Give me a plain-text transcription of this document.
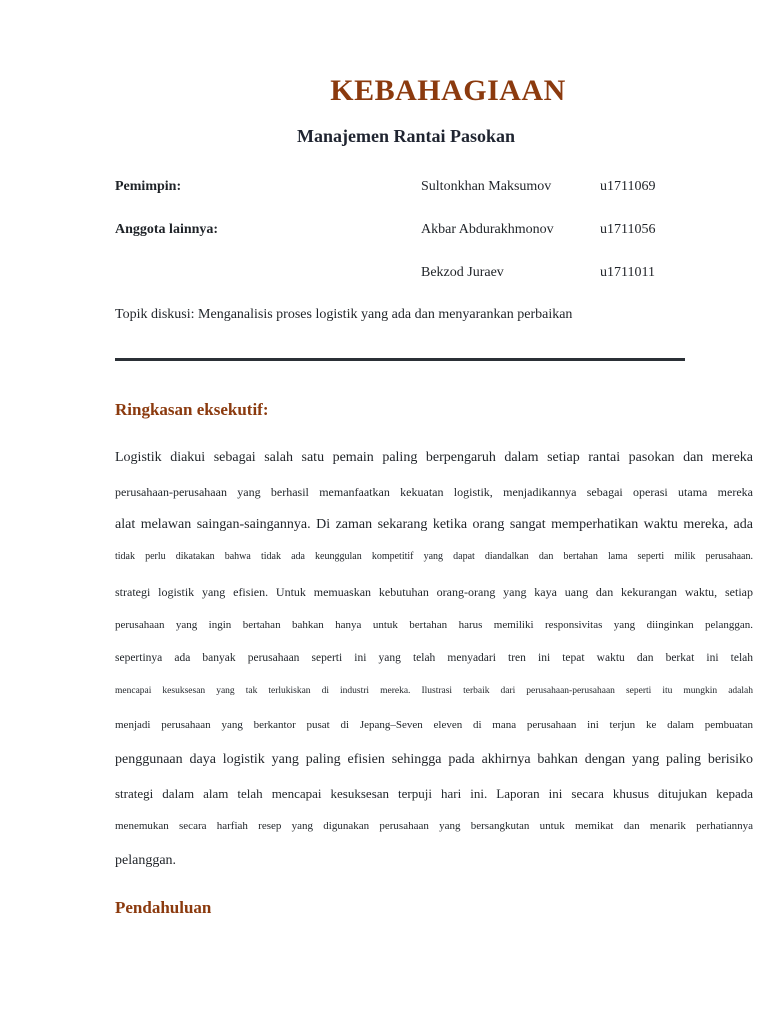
KEBAHAGIAAN
Manajemen Rantai Pasokan
Pemimpin:	Sultonkhan Maksumov	u1711069
Anggota lainnya:	Akbar Abdurakhmonov	u1711056
Bekzod Juraev	u1711011
Topik diskusi: Menganalisis proses logistik yang ada dan menyarankan perbaikan
Ringkasan eksekutif:
Logistik diakui sebagai salah satu pemain paling berpengaruh dalam setiap rantai pasokan dan mereka
perusahaan-perusahaan yang berhasil memanfaatkan kekuatan logistik, menjadikannya sebagai operasi utama mereka
alat melawan saingan-saingannya. Di zaman sekarang ketika orang sangat memperhatikan waktu mereka, ada
tidak perlu dikatakan bahwa tidak ada keunggulan kompetitif yang dapat diandalkan dan bertahan lama seperti milik perusahaan.
strategi logistik yang efisien. Untuk memuaskan kebutuhan orang-orang yang kaya uang dan kekurangan waktu, setiap
perusahaan yang ingin bertahan bahkan hanya untuk bertahan harus memiliki responsivitas yang diinginkan pelanggan.
sepertinya ada banyak perusahaan seperti ini yang telah menyadari tren ini tepat waktu dan berkat ini telah
mencapai kesuksesan yang tak terlukiskan di industri mereka. Ilustrasi terbaik dari perusahaan-perusahaan seperti itu mungkin adalah
menjadi perusahaan yang berkantor pusat di Jepang–Seven eleven di mana perusahaan ini terjun ke dalam pembuatan
penggunaan daya logistik yang paling efisien sehingga pada akhirnya bahkan dengan yang paling berisiko
strategi dalam alam telah mencapai kesuksesan terpuji hari ini. Laporan ini secara khusus ditujukan kepada
menemukan secara harfiah resep yang digunakan perusahaan yang bersangkutan untuk memikat dan menarik perhatiannya
pelanggan.
Pendahuluan
